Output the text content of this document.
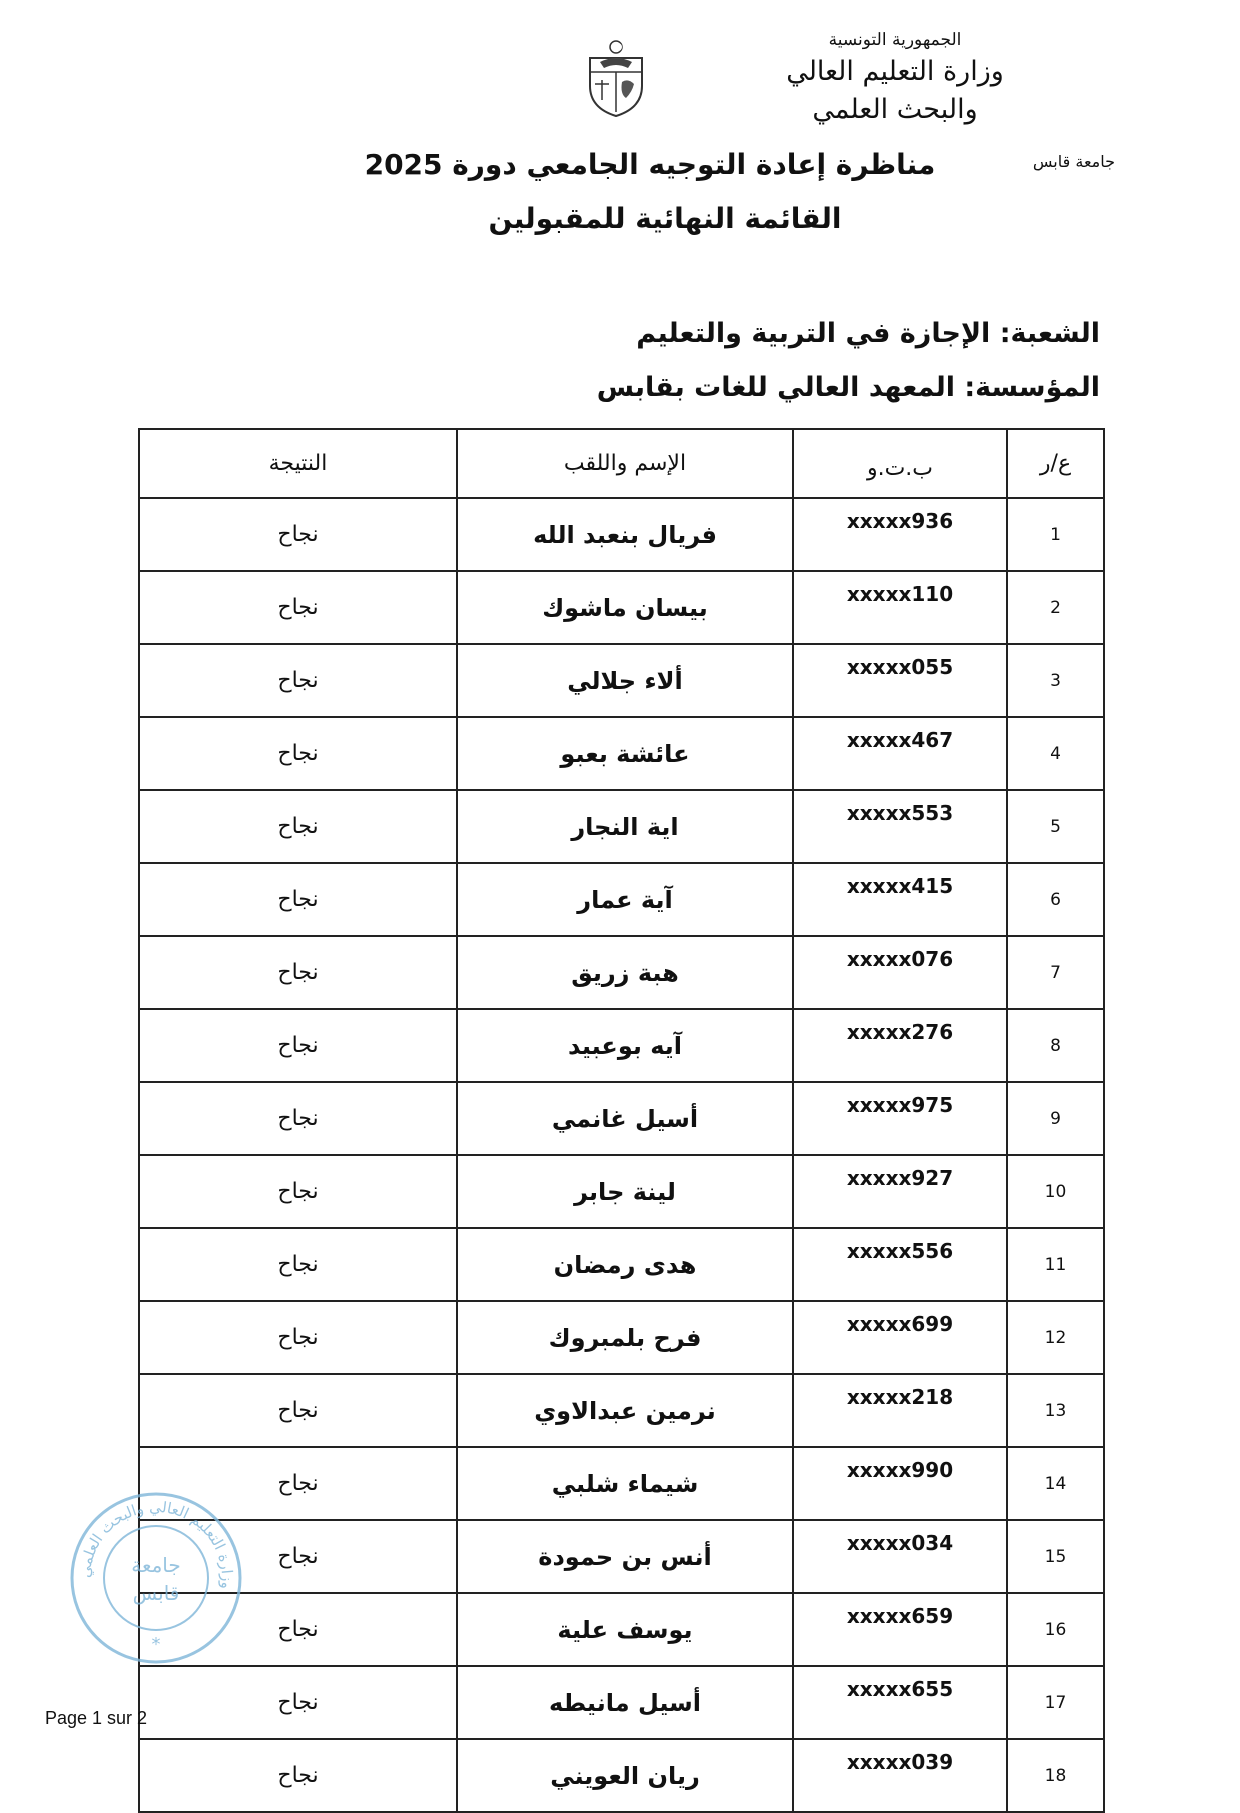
الجمهورية التونسية
وزارة التعليم العالي
والبحث العلمي
جامعة قابس
مناظرة إعادة التوجيه الجامعي دورة 2025
القائمة النهائية للمقبولين
الشعبة: الإجازة في التربية والتعليم
المؤسسة: المعهد العالي للغات بقابس
ع/ر	ب.ت.و	الإسم واللقب	النتيجة
1	xxxxx936	فريال بنعبد الله	نجاح
2	xxxxx110	بيسان ماشوك	نجاح
3	xxxxx055	ألاء جلالي	نجاح
4	xxxxx467	عائشة بعبو	نجاح
5	xxxxx553	اية النجار	نجاح
6	xxxxx415	آية عمار	نجاح
7	xxxxx076	هبة زريق	نجاح
8	xxxxx276	آيه بوعبيد	نجاح
9	xxxxx975	أسيل غانمي	نجاح
10	xxxxx927	لينة جابر	نجاح
11	xxxxx556	هدى رمضان	نجاح
12	xxxxx699	فرح بلمبروك	نجاح
13	xxxxx218	نرمين عبدالاوي	نجاح
14	xxxxx990	شيماء شلبي	نجاح
15	xxxxx034	أنس بن حمودة	نجاح
16	xxxxx659	يوسف علية	نجاح
17	xxxxx655	أسيل مانيطه	نجاح
18	xxxxx039	ريان العويني	نجاح
وزارة التعليم العالي والبحث العلمي
جامعة
قابس
*
Page 1 sur 2
